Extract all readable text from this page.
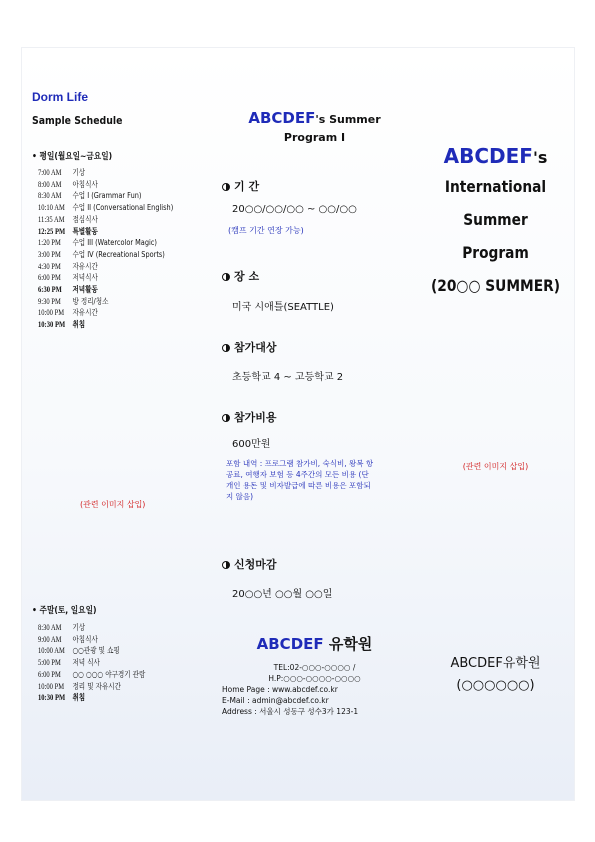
Dorm Life
Sample Schedule
• 평일(월요일~금요일)
7:00 AM 기상
8:00 AM 아침식사
8:30 AM 수업 I (Grammar Fun)
10:10 AM 수업 II (Conversational English)
11:35 AM 점심식사
12:25 PM 특별활동
1:20 PM 수업 III (Watercolor Magic)
3:00 PM 수업 IV (Recreational Sports)
4:30 PM 자유시간
6:00 PM 저녁식사
6:30 PM 저녁활동
9:30 PM 방 정리/청소
10:00 PM 자유시간
10:30 PM 취침
(관련 이미지 삽입)
• 주말(토, 일요일)
8:30 AM 기상
9:00 AM 아침식사
10:00 AM ○○관광 및 쇼핑
5:00 PM 저녁 식사
6:00 PM ○○ ○○○ 야구경기 관람
10:00 PM 정리 및 자유시간
10:30 PM 취침
ABCDEF's Summer
Program I
기 간
20○○/○○/○○ ~ ○○/○○
(캠프 기간 연장 가능)
장 소
미국 시애틀(SEATTLE)
참가대상
초등학교 4 ~ 고등학교 2
참가비용
600만원
포함 내역 : 프로그램 참가비, 숙식비, 왕복 항공료, 여행자 보험 등 4주간의 모든 비용 (단 개인 용돈 및 비자발급에 따른 비용은 포함되지 않음)
신청마감
20○○년 ○○월 ○○일
ABCDEF 유학원
TEL:02-○○○-○○○○ /
H.P:○○○-○○○○-○○○○
Home Page : www.abcdef.co.kr
E-Mail : admin@abcdef.co.kr
Address : 서울시 성동구 성수3가 123-1
ABCDEF's
International
Summer Program
(20○○ SUMMER)
(관련 이미지 삽입)
ABCDEF유학원
(○○○○○○)
